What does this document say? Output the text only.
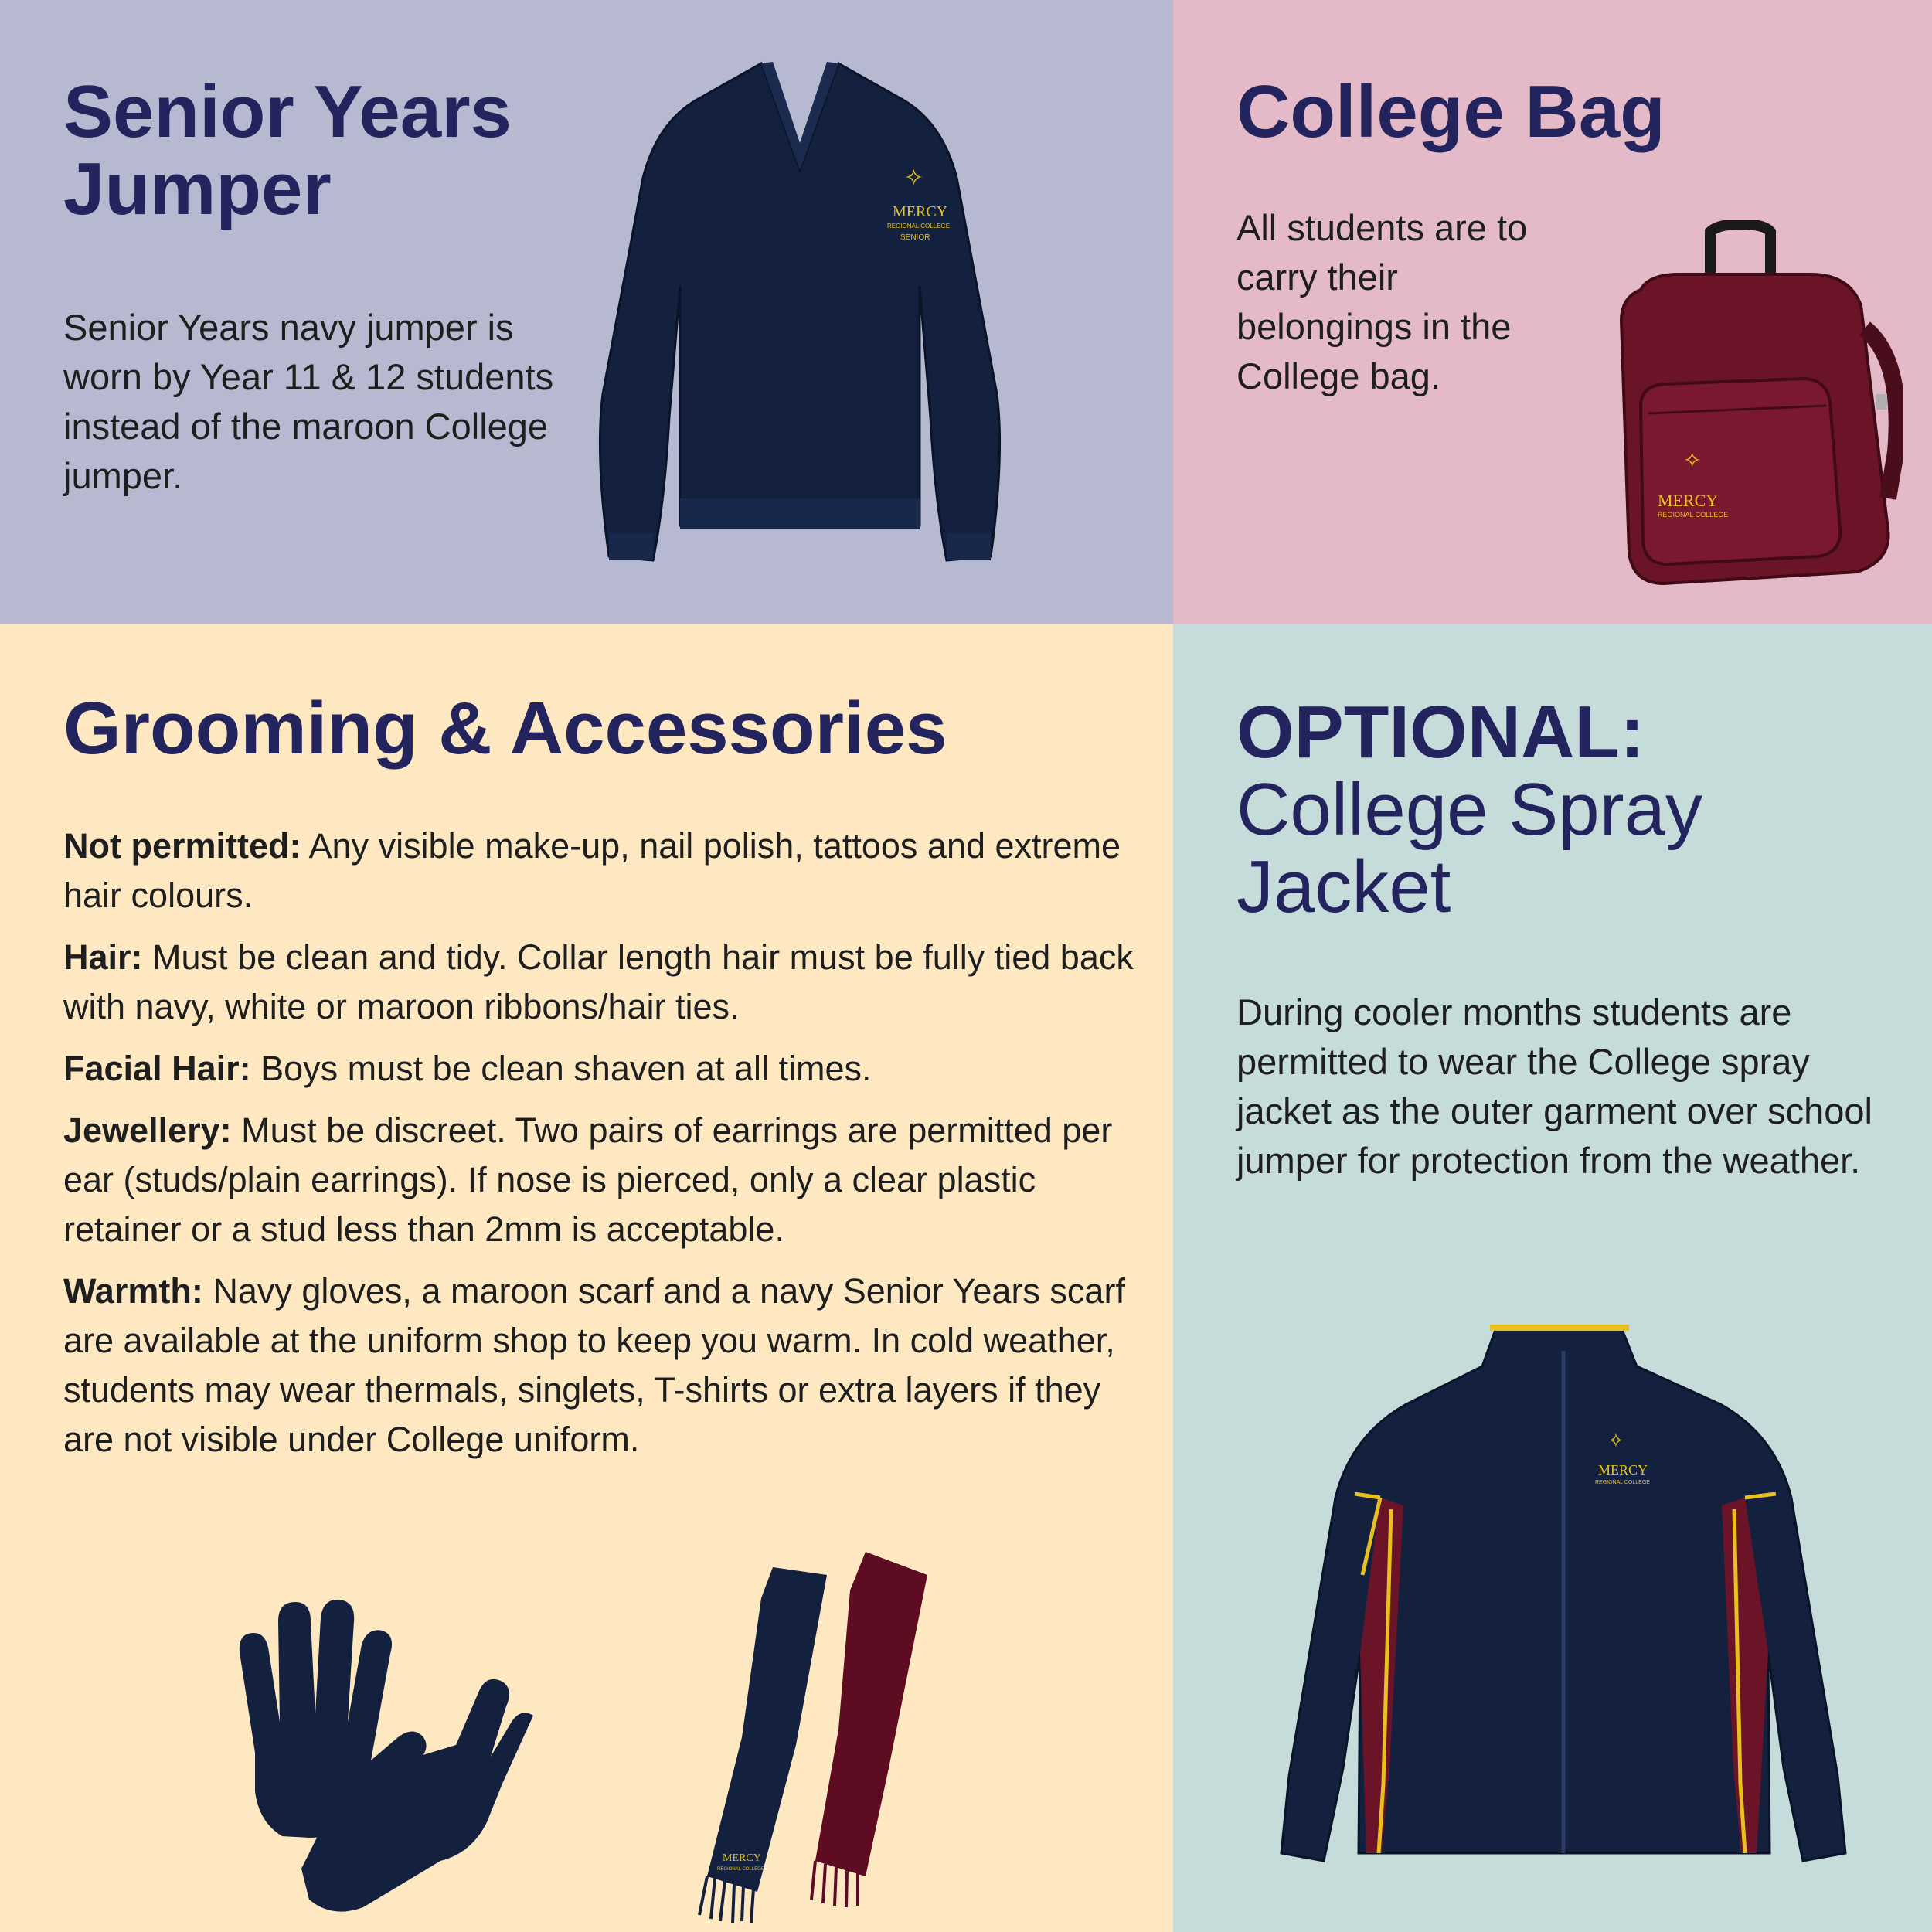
Senior Years Jumper

Senior Years navy jumper is worn by Year 11 & 12 students instead of the maroon College jumper.

✧
MERCY
REGIONAL COLLEGE
SENIOR
College Bag

All students are to carry their belongings in the College bag.

✧
MERCY
REGIONAL COLLEGE
Grooming & Accessories

Not permitted: Any visible make-up, nail polish, tattoos and extreme hair colours.

Hair: Must be clean and tidy. Collar length hair must be fully tied back with navy, white or maroon ribbons/hair ties.

Facial Hair: Boys must be clean shaven at all times.

Jewellery: Must be discreet. Two pairs of earrings are permitted per ear (studs/plain earrings). If nose is pierced, only a clear plastic retainer or a stud less than 2mm is acceptable.

Warmth: Navy gloves, a maroon scarf and a navy Senior Years scarf are available at the uniform shop to keep you warm. In cold weather, students may wear thermals, singlets, T-shirts or extra layers if they are not visible under College uniform.

MERCY
REGIONAL COLLEGE
OPTIONAL:
College Spray Jacket

During cooler months students are permitted to wear the College spray jacket as the outer garment over school jumper for protection from the weather.

✧
MERCY
REGIONAL COLLEGE
